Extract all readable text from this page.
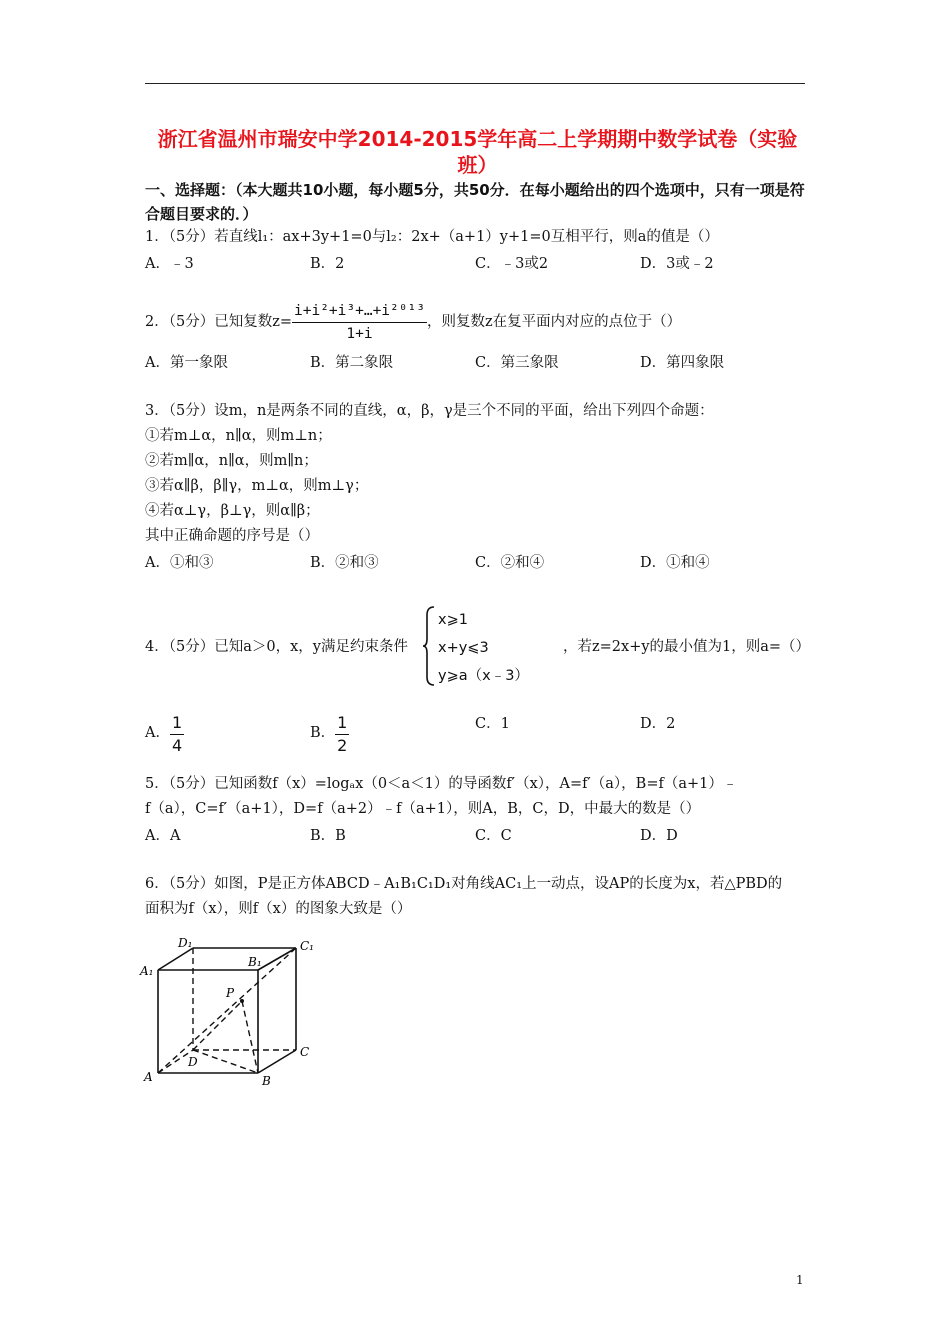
浙江省温州市瑞安中学2014-2015学年高二上学期期中数学试卷（实验班）
一、选择题：（本大题共10小题，每小题5分，共50分．在每小题给出的四个选项中，只有一项是符合题目要求的．）
1．（5分）若直线l₁：ax+3y+1=0与l₂：2x+（a+1）y+1=0互相平行，则a的值是（）
A．﹣3	B．2	C．﹣3或2	D．3或﹣2
2．（5分）已知复数$z= \frac{\text{i+i²+i³+…+i²⁰¹³}}{1+i}$ ，则复数z在复平面内对应的点位于（）
A．第一象限	B．第二象限	C．第三象限	D．第四象限
3．（5分）设m，n是两条不同的直线，α，β，γ是三个不同的平面，给出下列四个命题：
①若m⊥α，n∥α，则m⊥n；
②若m∥α，n∥α，则m∥n；
③若α∥β，β∥γ，m⊥α，则m⊥γ；
④若α⊥γ，β⊥γ，则α∥β；
其中正确命题的序号是（）
A．①和③	B．②和③	C．②和④	D．①和④
4．（5分）已知a＞0，x，y满足约束条件
x⩾1
x+y⩽3
y⩾a（x﹣3）
，若z=2x+y的最小值为1，则a=（）
A． $\frac{1}{4}$	B． $\frac{1}{2}$	C．1	D．2
5．（5分）已知函数f（x）=logₐx（0＜a＜1）的导函数f′（x），A=f′（a），B=f（a+1）﹣
f（a），C=f′（a+1），D=f（a+2）﹣f（a+1），则A，B，C，D，中最大的数是（）
A．A	B．B	C．C	D．D
6．（5分）如图，P是正方体ABCD﹣A₁B₁C₁D₁对角线AC₁上一动点，设AP的长度为x，若△PBD的
面积为f（x），则f（x）的图象大致是（）
A	B
C
D
A₁
B₁
C₁
D₁
P
1
